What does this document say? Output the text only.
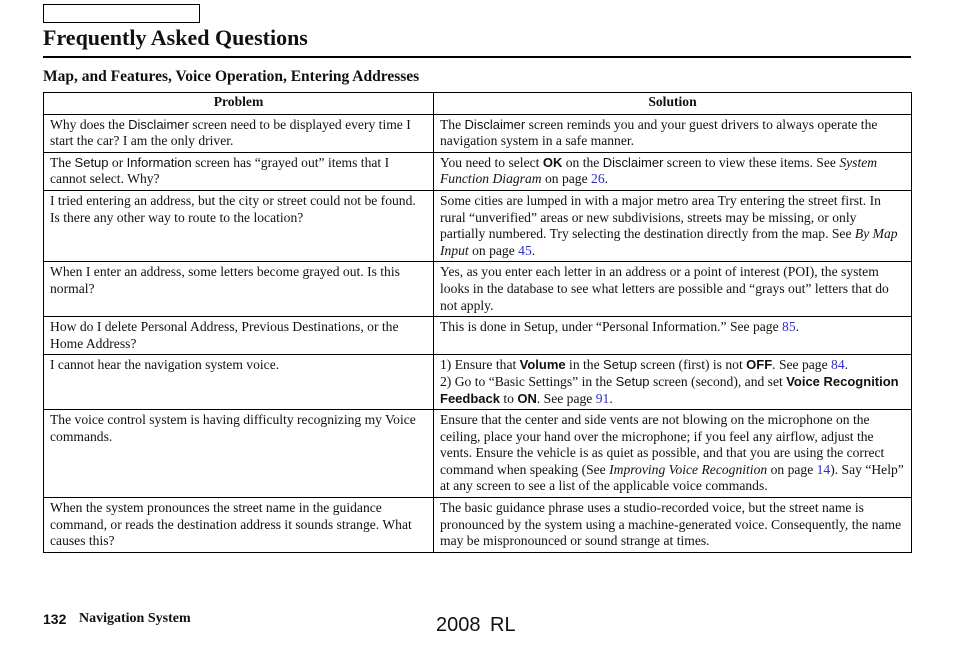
Frequently Asked Questions
Map, and Features, Voice Operation, Entering Addresses
Problem	Solution
Why does the Disclaimer screen need to be displayed every time I start the car? I am the only driver.	The Disclaimer screen reminds you and your guest drivers to always operate the navigation system in a safe manner.
The Setup or Information screen has “grayed out” items that I cannot select. Why?	You need to select OK on the Disclaimer screen to view these items. See System Function Diagram on page 26.
I tried entering an address, but the city or street could not be found. Is there any other way to route to the location?	Some cities are lumped in with a major metro area Try entering the street first. In rural “unverified” areas or new subdivisions, streets may be missing, or only partially numbered. Try selecting the destination directly from the map. See By Map Input on page 45.
When I enter an address, some letters become grayed out. Is this normal?	Yes, as you enter each letter in an address or a point of interest (POI), the system looks in the database to see what letters are possible and “grays out” letters that do not apply.
How do I delete Personal Address, Previous Destinations, or the Home Address?	This is done in Setup, under “Personal Information.” See page 85.
I cannot hear the navigation system voice.	1) Ensure that Volume in the Setup screen (first) is not OFF. See page 84.
2) Go to “Basic Settings” in the Setup screen (second), and set Voice Recognition Feedback to ON. See page 91.
The voice control system is having difficulty recognizing my Voice commands.	Ensure that the center and side vents are not blowing on the microphone on the ceiling, place your hand over the microphone; if you feel any airflow, adjust the vents. Ensure the vehicle is as quiet as possible, and that you are using the correct command when speaking (See Improving Voice Recognition on page 14). Say “Help” at any screen to see a list of the applicable voice commands.
When the system pronounces the street name in the guidance command, or reads the destination address it sounds strange. What causes this?	The basic guidance phrase uses a studio-recorded voice, but the street name is pronounced by the system using a machine-generated voice. Consequently, the name may be mispronounced or sound strange at times.
132 Navigation System	2008 RL
